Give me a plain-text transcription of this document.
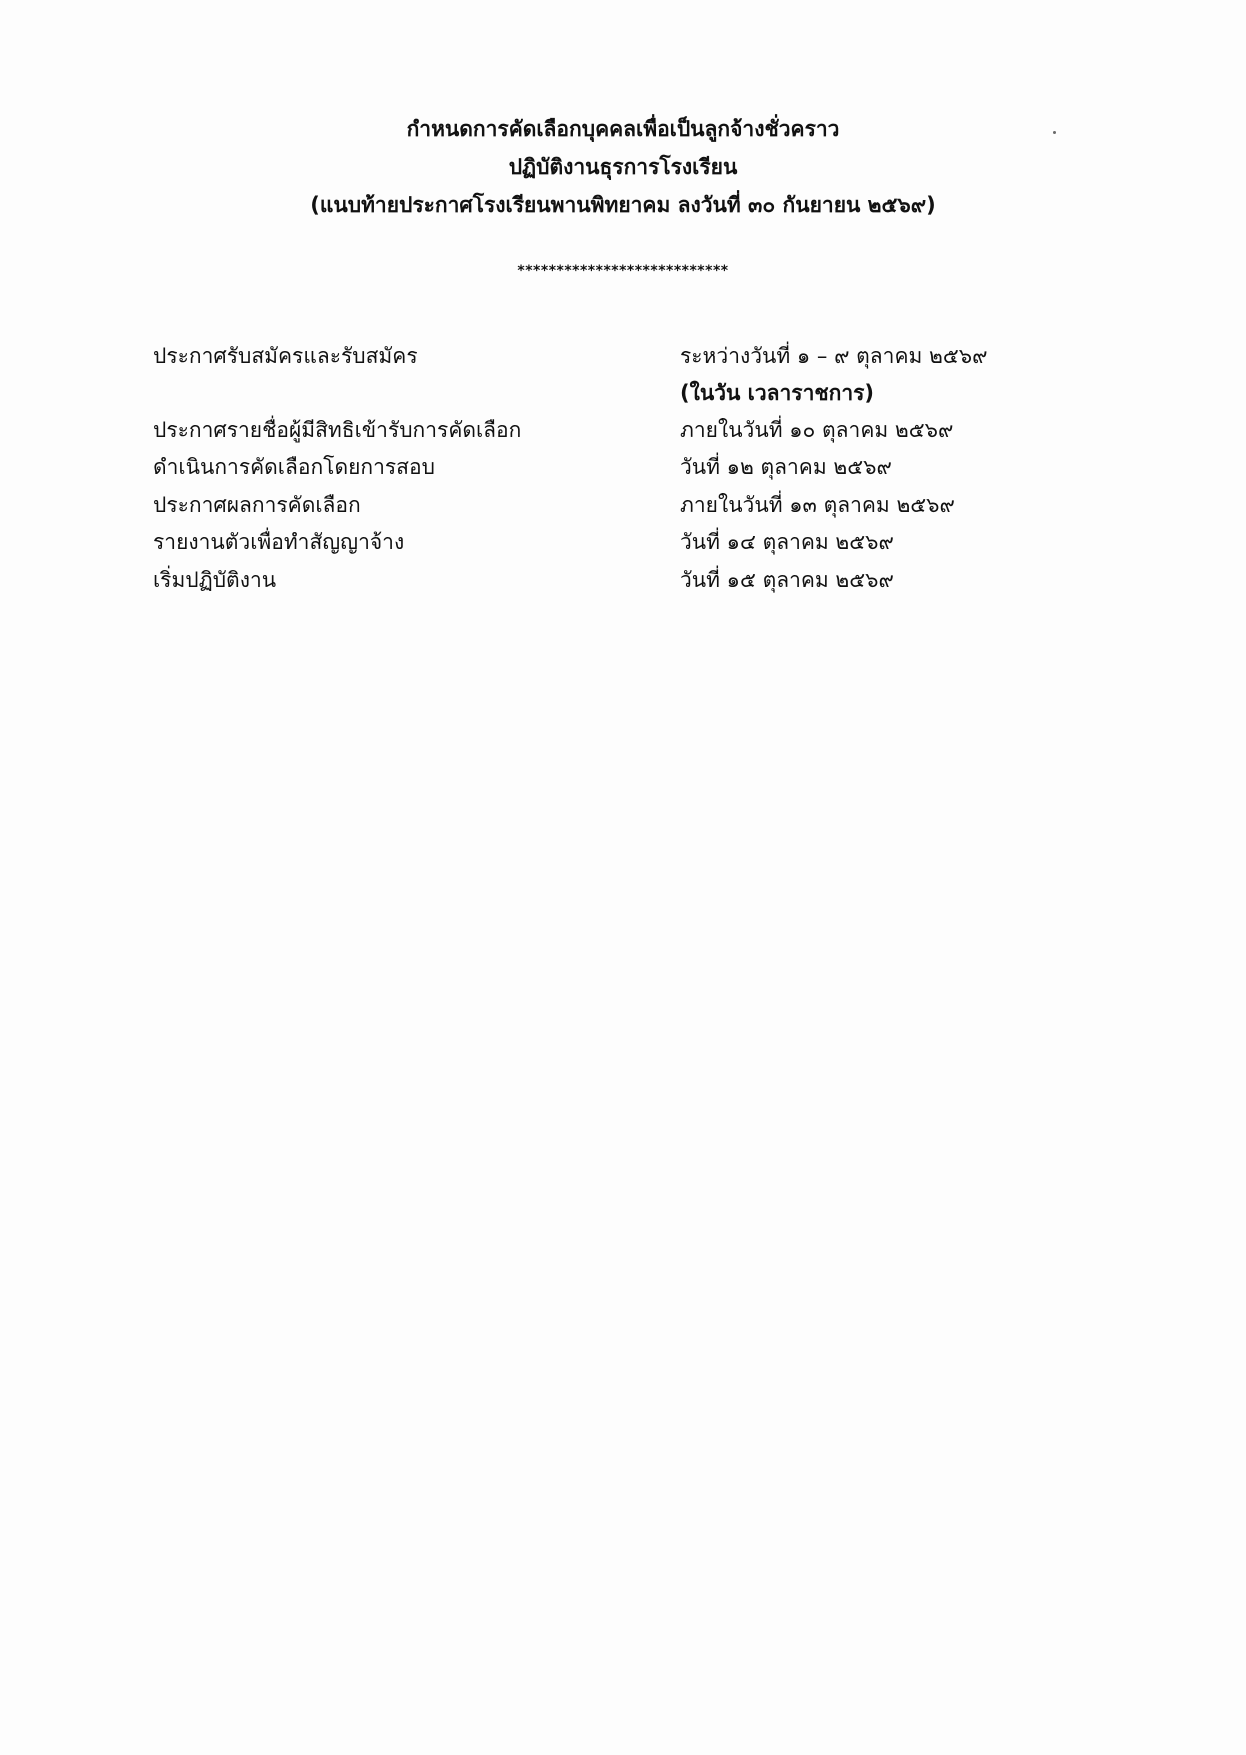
กำหนดการคัดเลือกบุคคลเพื่อเป็นลูกจ้างชั่วคราว
ปฏิบัติงานธุรการโรงเรียน
(แนบท้ายประกาศโรงเรียนพานพิทยาคม ลงวันที่ ๓๐ กันยายน ๒๕๖๙)
***************************
ประกาศรับสมัครและรับสมัคร	ระหว่างวันที่ ๑ – ๙ ตุลาคม ๒๕๖๙
(ในวัน เวลาราชการ)
ประกาศรายชื่อผู้มีสิทธิเข้ารับการคัดเลือก	ภายในวันที่ ๑๐ ตุลาคม ๒๕๖๙
ดำเนินการคัดเลือกโดยการสอบ	วันที่ ๑๒ ตุลาคม ๒๕๖๙
ประกาศผลการคัดเลือก	ภายในวันที่ ๑๓ ตุลาคม ๒๕๖๙
รายงานตัวเพื่อทำสัญญาจ้าง	วันที่ ๑๔ ตุลาคม ๒๕๖๙
เริ่มปฏิบัติงาน	วันที่ ๑๕ ตุลาคม ๒๕๖๙
